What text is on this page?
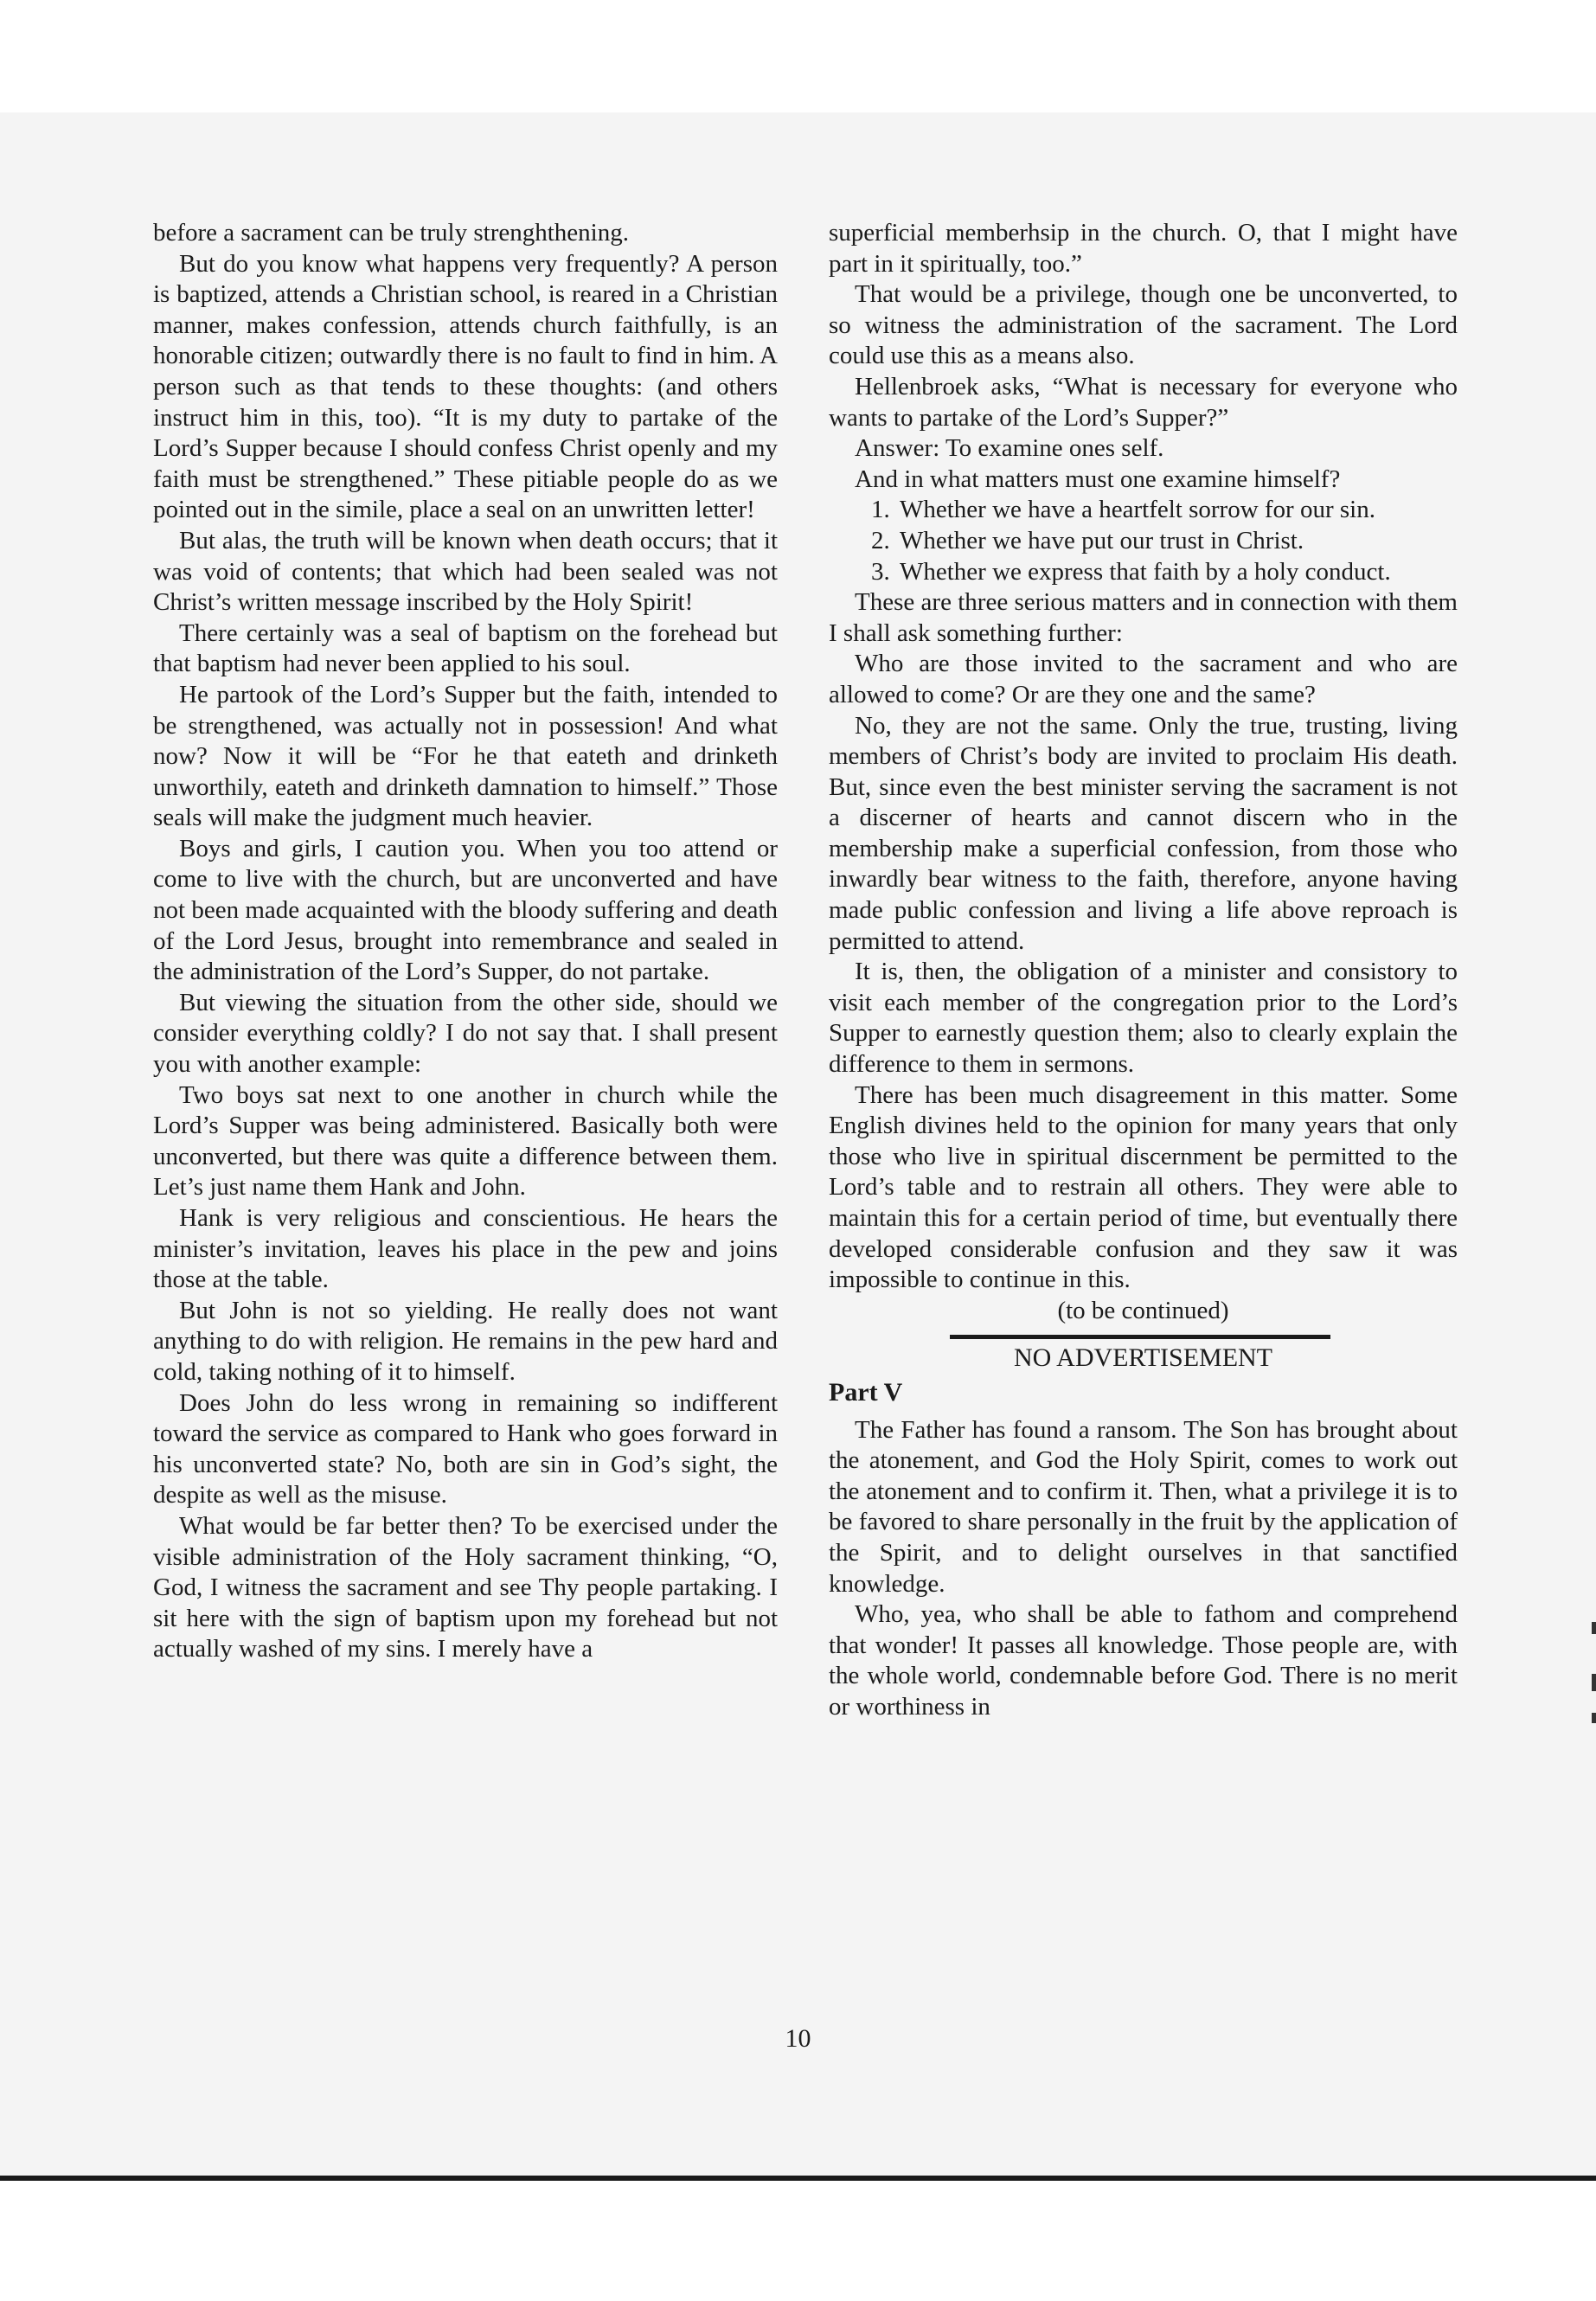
before a sacrament can be truly strenghthening.

But do you know what happens very frequently? A person is baptized, attends a Christian school, is reared in a Christian manner, makes confession, attends church faithfully, is an honorable citizen; outwardly there is no fault to find in him. A person such as that tends to these thoughts: (and others instruct him in this, too). “It is my duty to partake of the Lord’s Supper because I should confess Christ openly and my faith must be strengthened.” These pitiable people do as we pointed out in the simile, place a seal on an unwritten letter!

But alas, the truth will be known when death occurs; that it was void of contents; that which had been sealed was not Christ’s written message inscribed by the Holy Spirit!

There certainly was a seal of baptism on the forehead but that baptism had never been applied to his soul.

He partook of the Lord’s Supper but the faith, intended to be strengthened, was actually not in possession! And what now? Now it will be “For he that eateth and drinketh unworthily, eateth and drinketh damnation to himself.” Those seals will make the judgment much heavier.

Boys and girls, I caution you. When you too attend or come to live with the church, but are unconverted and have not been made acquainted with the bloody suffering and death of the Lord Jesus, brought into remembrance and sealed in the administration of the Lord’s Supper, do not partake.

But viewing the situation from the other side, should we consider everything coldly? I do not say that. I shall present you with another example:

Two boys sat next to one another in church while the Lord’s Supper was being administered. Basically both were unconverted, but there was quite a difference between them. Let’s just name them Hank and John.

Hank is very religious and conscientious. He hears the minister’s invitation, leaves his place in the pew and joins those at the table.

But John is not so yielding. He really does not want anything to do with religion. He remains in the pew hard and cold, taking nothing of it to himself.

Does John do less wrong in remaining so indifferent toward the service as compared to Hank who goes forward in his unconverted state? No, both are sin in God’s sight, the despite as well as the misuse.

What would be far better then? To be exercised under the visible administration of the Holy sacrament thinking, “O, God, I witness the sacrament and see Thy people partaking. I sit here with the sign of baptism upon my forehead but not actually washed of my sins. I merely have a

superficial memberhsip in the church. O, that I might have part in it spiritually, too.”

That would be a privilege, though one be unconverted, to so witness the administration of the sacrament. The Lord could use this as a means also.

Hellenbroek asks, “What is necessary for everyone who wants to partake of the Lord’s Supper?”

Answer: To examine ones self.

And in what matters must one examine himself?

1. Whether we have a heartfelt sorrow for our sin.
2. Whether we have put our trust in Christ.
3. Whether we express that faith by a holy conduct.

These are three serious matters and in connection with them I shall ask something further:

Who are those invited to the sacrament and who are allowed to come? Or are they one and the same?

No, they are not the same. Only the true, trusting, living members of Christ’s body are invited to proclaim His death. But, since even the best minister serving the sacrament is not a discerner of hearts and cannot discern who in the membership make a superficial confession, from those who inwardly bear witness to the faith, therefore, anyone having made public confession and living a life above reproach is permitted to attend.

It is, then, the obligation of a minister and consistory to visit each member of the congregation prior to the Lord’s Supper to earnestly question them; also to clearly explain the difference to them in sermons.

There has been much disagreement in this matter. Some English divines held to the opinion for many years that only those who live in spiritual discernment be permitted to the Lord’s table and to restrain all others. They were able to maintain this for a certain period of time, but eventually there developed considerable confusion and they saw it was impossible to continue in this.

(to be continued)
NO ADVERTISEMENT
Part V

The Father has found a ransom. The Son has brought about the atonement, and God the Holy Spirit, comes to work out the atonement and to confirm it. Then, what a privilege it is to be favored to share personally in the fruit by the application of the Spirit, and to delight ourselves in that sanctified knowledge.

Who, yea, who shall be able to fathom and comprehend that wonder! It passes all knowledge. Those people are, with the whole world, condemnable before God. There is no merit or worthiness in

10
